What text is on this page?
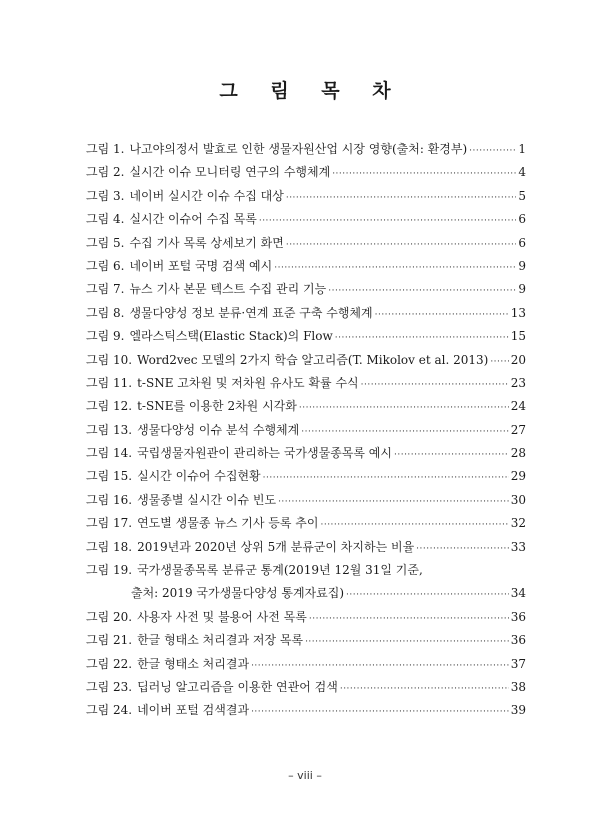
그 림 목 차
그림 1. 나고야의정서 발효로 인한 생물자원산업 시장 영향(출처: 환경부) ·····	1
그림 2. 실시간 이슈 모니터링 연구의 수행체계 ·····	4
그림 3. 네이버 실시간 이슈 수집 대상 ·····	5
그림 4. 실시간 이슈어 수집 목록 ·····	6
그림 5. 수집 기사 목록 상세보기 화면 ·····	6
그림 6. 네이버 포털 국명 검색 예시 ·····	9
그림 7. 뉴스 기사 본문 텍스트 수집 관리 기능 ·····	9
그림 8. 생물다양성 정보 분류·연계 표준 구축 수행체계 ·····	13
그림 9. 엘라스틱스택(Elastic Stack)의 Flow ·····	15
그림 10. Word2vec 모델의 2가지 학습 알고리즘(T. Mikolov et al. 2013) ····· 20
그림 11. t-SNE 고차원 및 저차원 유사도 확률 수식 ·····	23
그림 12. t-SNE를 이용한 2차원 시각화 ·····	24
그림 13. 생물다양성 이슈 분석 수행체계 ·····	27
그림 14. 국립생물자원관이 관리하는 국가생물종목록 예시 ·····	28
그림 15. 실시간 이슈어 수집현황 ·····	29
그림 16. 생물종별 실시간 이슈 빈도 ·····	30
그림 17. 연도별 생물종 뉴스 기사 등록 추이 ·····	32
그림 18. 2019년과 2020년 상위 5개 분류군이 차지하는 비율 ·····	33
그림 19. 국가생물종목록 분류군 통계(2019년 12월 31일 기준,
출처: 2019 국가생물다양성 통계자료집) ·····	34
그림 20. 사용자 사전 및 불용어 사전 목록 ·····	36
그림 21. 한글 형태소 처리결과 저장 목록 ·····	36
그림 22. 한글 형태소 처리결과 ·····	37
그림 23. 딥러닝 알고리즘을 이용한 연관어 검색 ·····	38
그림 24. 네이버 포털 검색결과 ·····	39
– viii –
